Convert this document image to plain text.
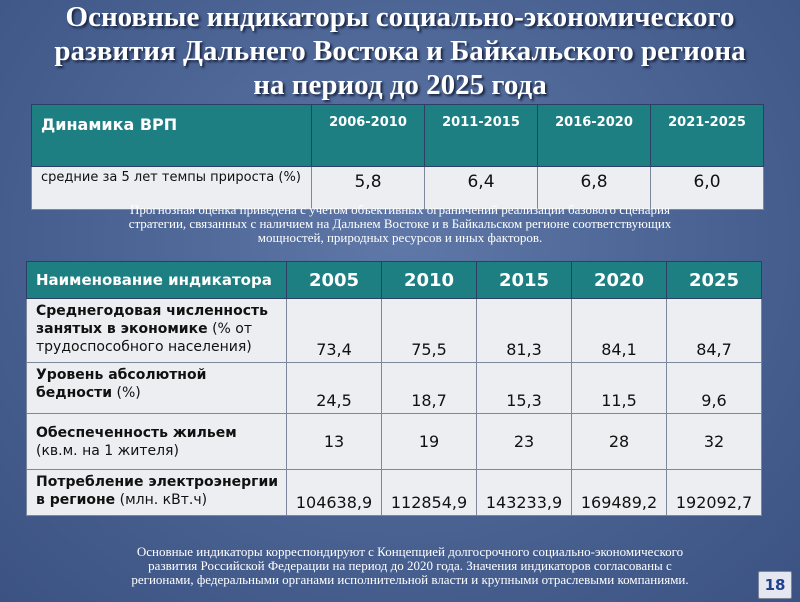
Основные индикаторы социально-экономического
развития Дальнего Востока и Байкальского региона
на период до 2025 года
Динамика ВРП	2006-2010	2011-2015	2016-2020	2021-2025
средние за 5 лет темпы прироста (%)	5,8	6,4	6,8	6,0
Прогнозная оценка приведена с учетом объективных ограничений реализации базового сценария
стратегии, связанных с наличием на Дальнем Востоке и в Байкальском регионе соответствующих
мощностей, природных ресурсов и иных факторов.
Наименование индикатора	2005	2010	2015	2020	2025
Среднегодовая численность
занятых в экономике (% от
трудоспособного населения)	73,4	75,5	81,3	84,1	84,7
Уровень абсолютной
бедности (%)	24,5	18,7	15,3	11,5	9,6
Обеспеченность жильем
(кв.м. на 1 жителя)	13	19	23	28	32
Потребление электроэнергии
в регионе (млн. кВт.ч)	104638,9	112854,9	143233,9	169489,2	192092,7
Основные индикаторы корреспондируют с Концепцией долгосрочного социально-экономического
развития Российской Федерации на период до 2020 года. Значения индикаторов согласованы с
регионами, федеральными органами исполнительной власти и крупными отраслевыми компаниями.	18
